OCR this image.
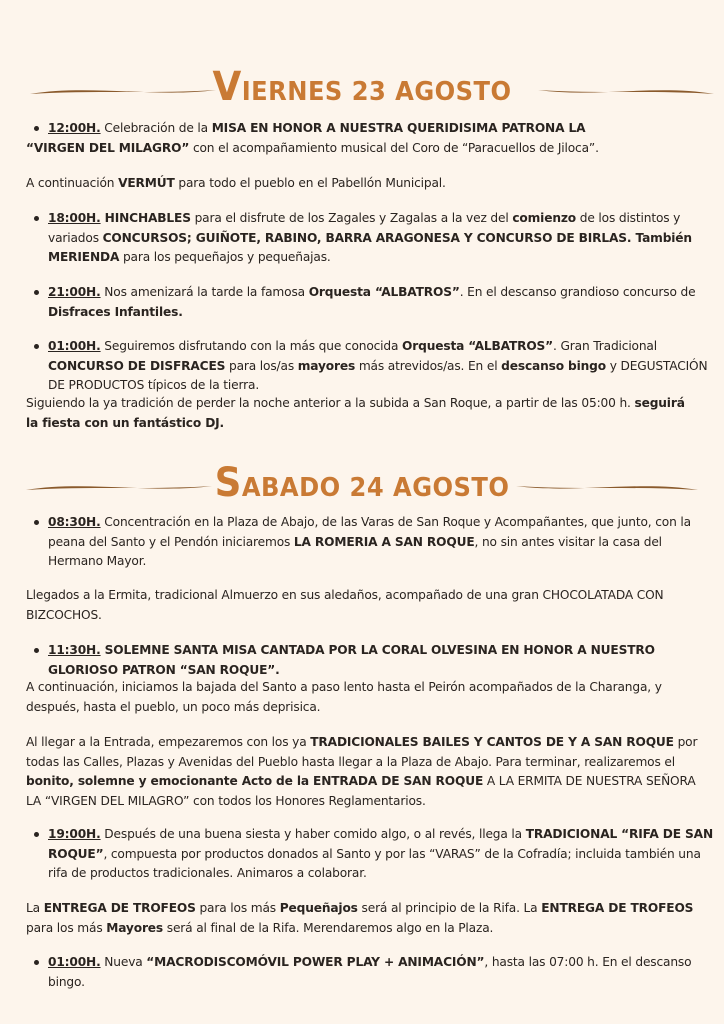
VIERNES 23 AGOSTO
12:00H. Celebración de la MISA EN HONOR A NUESTRA QUERIDISIMA PATRONA LA
“VIRGEN DEL MILAGRO” con el acompañamiento musical del Coro de “Paracuellos de Jiloca”.
A continuación VERMÚT para todo el pueblo en el Pabellón Municipal.
18:00H. HINCHABLES para el disfrute de los Zagales y Zagalas a la vez del comienzo de los distintos y variados CONCURSOS; GUIÑOTE, RABINO, BARRA ARAGONESA Y CONCURSO DE BIRLAS. También MERIENDA para los pequeñajos y pequeñajas.
21:00H. Nos amenizará la tarde la famosa Orquesta “ALBATROS”. En el descanso grandioso concurso de Disfraces Infantiles.
01:00H. Seguiremos disfrutando con la más que conocida Orquesta “ALBATROS”. Gran Tradicional CONCURSO DE DISFRACES para los/as mayores más atrevidos/as. En el descanso bingo y DEGUSTACIÓN DE PRODUCTOS típicos de la tierra.
Siguiendo la ya tradición de perder la noche anterior a la subida a San Roque, a partir de las 05:00 h. seguirá la fiesta con un fantástico DJ.
SABADO 24 AGOSTO
08:30H. Concentración en la Plaza de Abajo, de las Varas de San Roque y Acompañantes, que junto, con la peana del Santo y el Pendón iniciaremos LA ROMERIA A SAN ROQUE, no sin antes visitar la casa del Hermano Mayor.
Llegados a la Ermita, tradicional Almuerzo en sus aledaños, acompañado de una gran CHOCOLATADA CON BIZCOCHOS.
11:30H. SOLEMNE SANTA MISA CANTADA POR LA CORAL OLVESINA EN HONOR A NUESTRO GLORIOSO PATRON “SAN ROQUE”.
A continuación, iniciamos la bajada del Santo a paso lento hasta el Peirón acompañados de la Charanga, y después, hasta el pueblo, un poco más deprisica.
Al llegar a la Entrada, empezaremos con los ya TRADICIONALES BAILES Y CANTOS DE Y A SAN ROQUE por todas las Calles, Plazas y Avenidas del Pueblo hasta llegar a la Plaza de Abajo. Para terminar, realizaremos el bonito, solemne y emocionante Acto de la ENTRADA DE SAN ROQUE A LA ERMITA DE NUESTRA SEÑORA LA “VIRGEN DEL MILAGRO” con todos los Honores Reglamentarios.
19:00H. Después de una buena siesta y haber comido algo, o al revés, llega la TRADICIONAL “RIFA DE SAN ROQUE”, compuesta por productos donados al Santo y por las “VARAS” de la Cofradía; incluida también una rifa de productos tradicionales. Animaros a colaborar.
La ENTREGA DE TROFEOS para los más Pequeñajos será al principio de la Rifa. La ENTREGA DE TROFEOS para los más Mayores será al final de la Rifa. Merendaremos algo en la Plaza.
01:00H. Nueva “MACRODISCOMÓVIL POWER PLAY + ANIMACIÓN”, hasta las 07:00 h. En el descanso bingo.
